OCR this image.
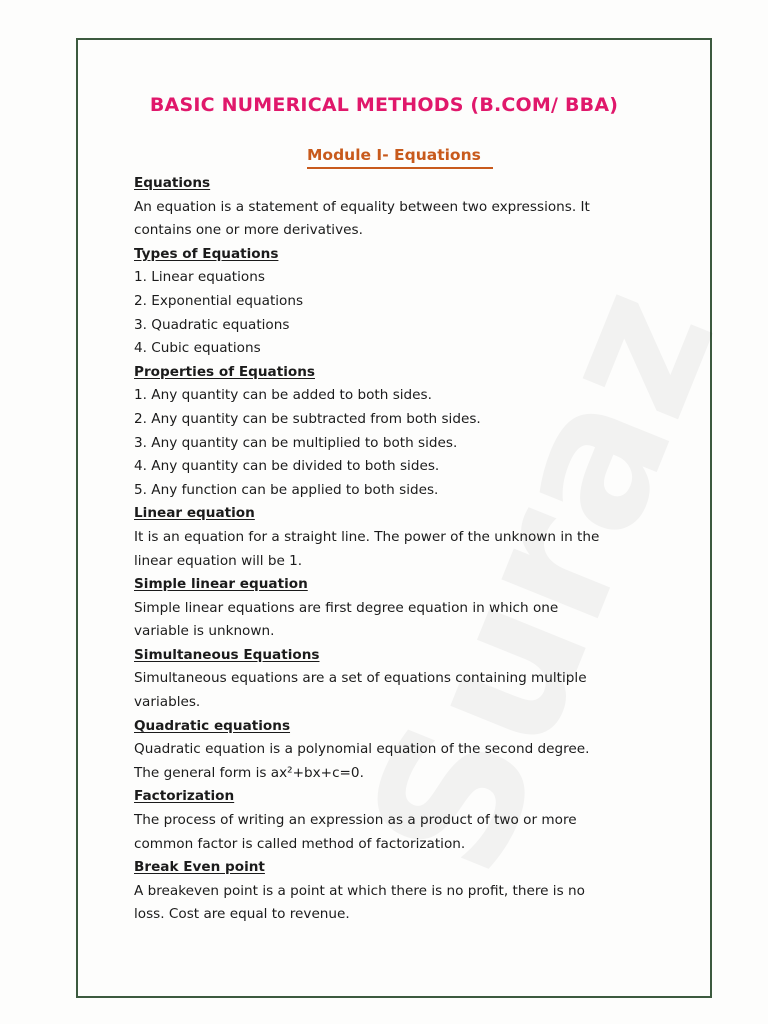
BASIC NUMERICAL METHODS (B.COM/ BBA)
Module I- Equations

Equations

An equation is a statement of equality between two expressions. It

contains one or more derivatives.

Types of Equations

1. Linear equations

2. Exponential equations

3. Quadratic equations

4. Cubic equations

Properties of Equations

1. Any quantity can be added to both sides.

2. Any quantity can be subtracted from both sides.

3. Any quantity can be multiplied to both sides.

4. Any quantity can be divided to both sides.

5. Any function can be applied to both sides.

Linear equation

It is an equation for a straight line. The power of the unknown in the

linear equation will be 1.

Simple linear equation

Simple linear equations are first degree equation in which one

variable is unknown.

Simultaneous Equations

Simultaneous equations are a set of equations containing multiple

variables.

Quadratic equations

Quadratic equation is a polynomial equation of the second degree.

The general form is ax²+bx+c=0.

Factorization

The process of writing an expression as a product of two or more

common factor is called method of factorization.

Break Even point

A breakeven point is a point at which there is no profit, there is no

loss. Cost are equal to revenue.
